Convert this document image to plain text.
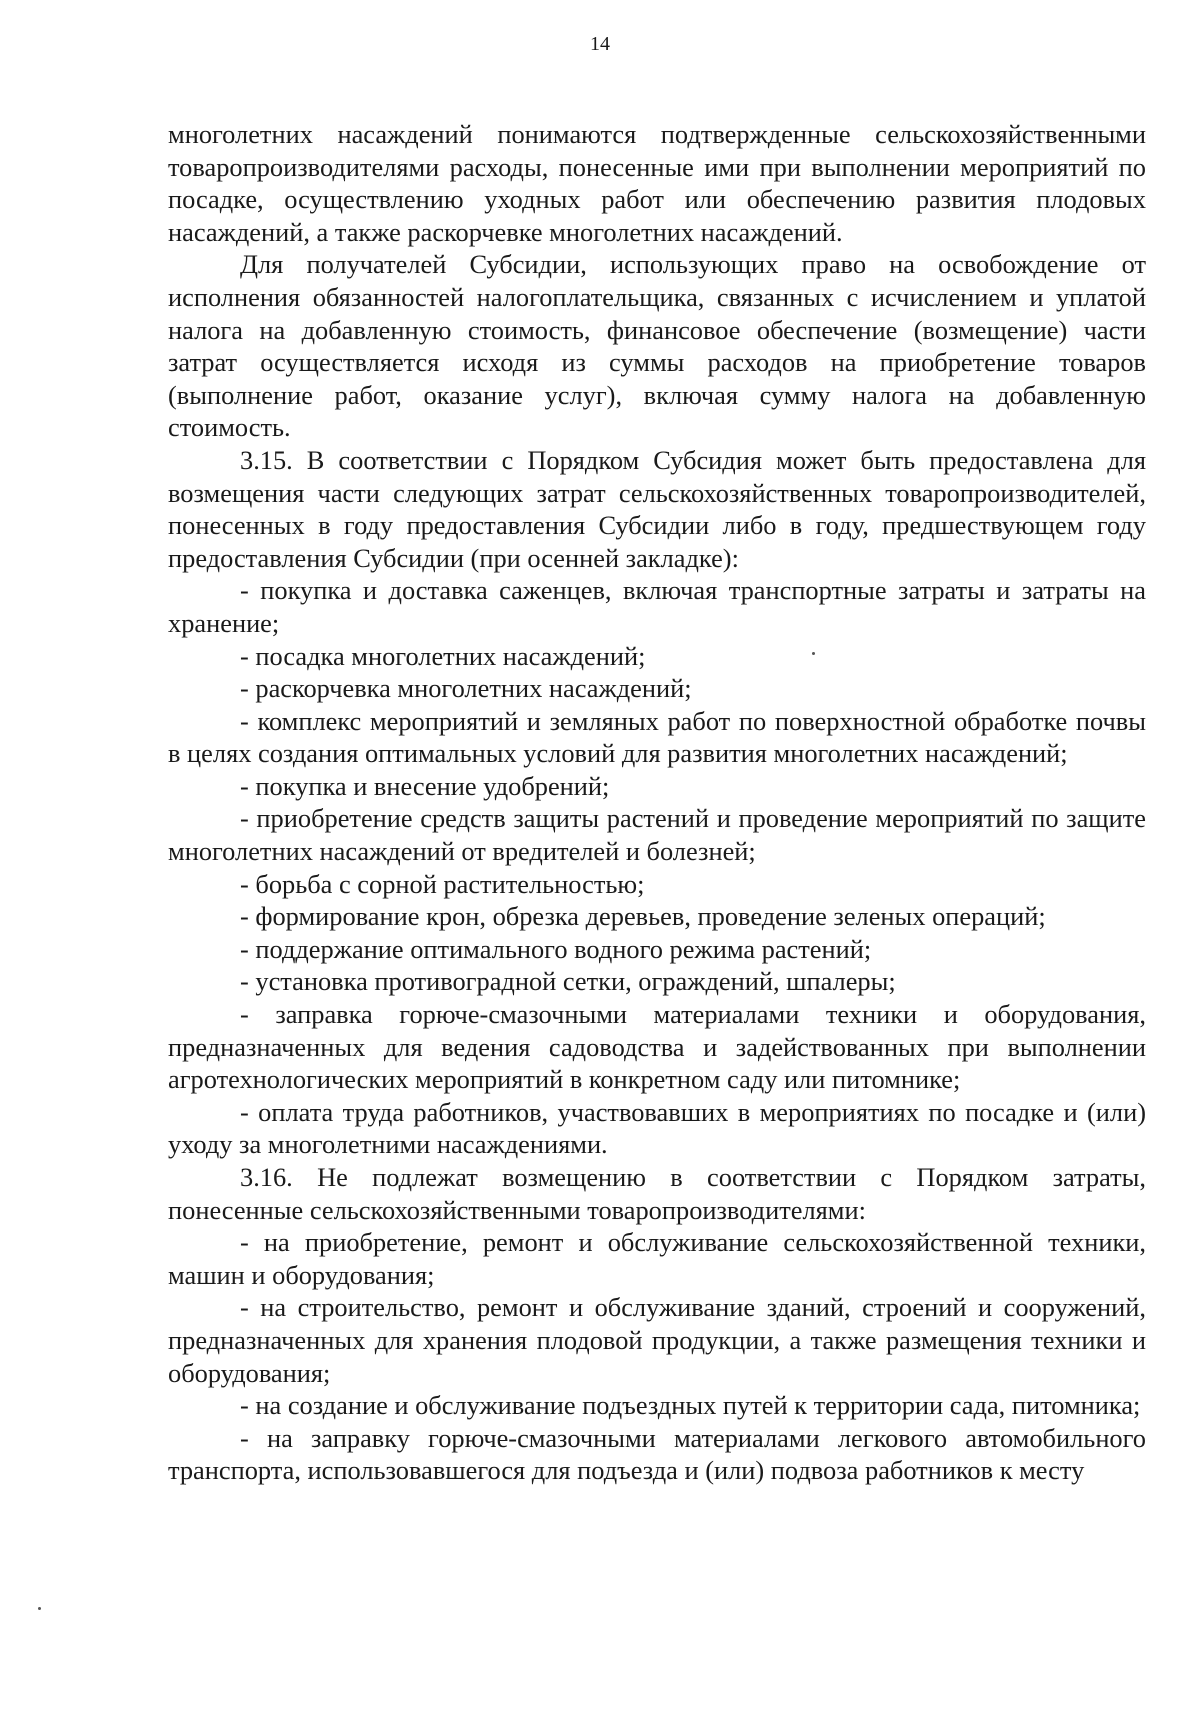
14

многолетних насаждений понимаются подтвержденные сельскохозяйственными товаропроизводителями расходы, понесенные ими при выполнении мероприятий по посадке, осуществлению уходных работ или обеспечению развития плодовых насаждений, а также раскорчевке многолетних насаждений.

Для получателей Субсидии, использующих право на освобождение от исполнения обязанностей налогоплательщика, связанных с исчислением и уплатой налога на добавленную стоимость, финансовое обеспечение (возмещение) части затрат осуществляется исходя из суммы расходов на приобретение товаров (выполнение работ, оказание услуг), включая сумму налога на добавленную стоимость.

3.15. В соответствии с Порядком Субсидия может быть предоставлена для возмещения части следующих затрат сельскохозяйственных товаропроизводителей, понесенных в году предоставления Субсидии либо в году, предшествующем году предоставления Субсидии (при осенней закладке):

- покупка и доставка саженцев, включая транспортные затраты и затраты на хранение;

- посадка многолетних насаждений;

- раскорчевка многолетних насаждений;

- комплекс мероприятий и земляных работ по поверхностной обработке почвы в целях создания оптимальных условий для развития многолетних насаждений;

- покупка и внесение удобрений;

- приобретение средств защиты растений и проведение мероприятий по защите многолетних насаждений от вредителей и болезней;

- борьба с сорной растительностью;

- формирование крон, обрезка деревьев, проведение зеленых операций;

- поддержание оптимального водного режима растений;

- установка противоградной сетки, ограждений, шпалеры;

- заправка горюче-смазочными материалами техники и оборудования, предназначенных для ведения садоводства и задействованных при выполнении агротехнологических мероприятий в конкретном саду или питомнике;

- оплата труда работников, участвовавших в мероприятиях по посадке и (или) уходу за многолетними насаждениями.

3.16. Не подлежат возмещению в соответствии с Порядком затраты, понесенные сельскохозяйственными товаропроизводителями:

- на приобретение, ремонт и обслуживание сельскохозяйственной техники, машин и оборудования;

- на строительство, ремонт и обслуживание зданий, строений и сооружений, предназначенных для хранения плодовой продукции, а также размещения техники и оборудования;

- на создание и обслуживание подъездных путей к территории сада, питомника;

- на заправку горюче-смазочными материалами легкового автомобильного транспорта, использовавшегося для подъезда и (или) подвоза работников к месту
